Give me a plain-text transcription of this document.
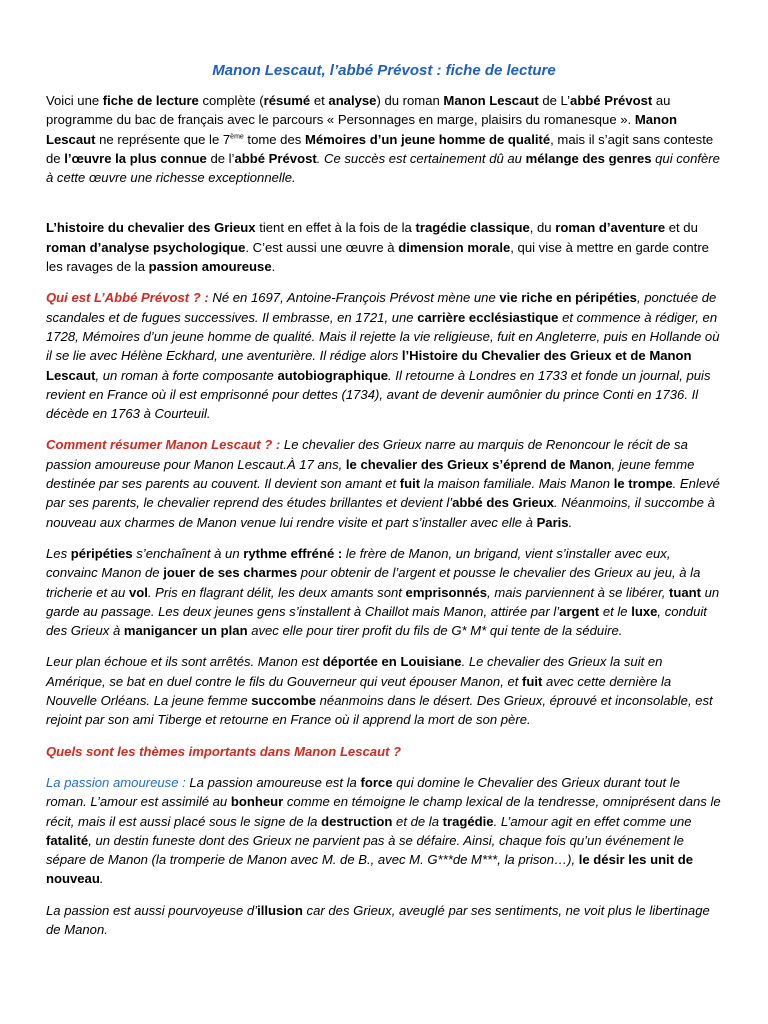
Manon Lescaut, l’abbé Prévost : fiche de lecture

Voici une fiche de lecture complète (résumé et analyse) du roman Manon Lescaut de L’abbé Prévost au programme du bac de français avec le parcours « Personnages en marge, plaisirs du romanesque ». Manon Lescaut ne représente que le 7ème tome des Mémoires d’un jeune homme de qualité, mais il s’agit sans conteste de l’œuvre la plus connue de l’abbé Prévost. Ce succès est certainement dû au mélange des genres qui confère à cette œuvre une richesse exceptionnelle.

L’histoire du chevalier des Grieux tient en effet à la fois de la tragédie classique, du roman d’aventure et du roman d’analyse psychologique. C’est aussi une œuvre à dimension morale, qui vise à mettre en garde contre les ravages de la passion amoureuse.

Qui est L’Abbé Prévost ? : Né en 1697, Antoine-François Prévost mène une vie riche en péripéties, ponctuée de scandales et de fugues successives. Il embrasse, en 1721, une carrière ecclésiastique et commence à rédiger, en 1728, Mémoires d’un jeune homme de qualité. Mais il rejette la vie religieuse, fuit en Angleterre, puis en Hollande où il se lie avec Hélène Eckhard, une aventurière. Il rédige alors l’Histoire du Chevalier des Grieux et de Manon Lescaut, un roman à forte composante autobiographique. Il retourne à Londres en 1733 et fonde un journal, puis revient en France où il est emprisonné pour dettes (1734), avant de devenir aumônier du prince Conti en 1736. Il décède en 1763 à Courteuil.

Comment résumer Manon Lescaut ? : Le chevalier des Grieux narre au marquis de Renoncour le récit de sa passion amoureuse pour Manon Lescaut.À 17 ans, le chevalier des Grieux s’éprend de Manon, jeune femme destinée par ses parents au couvent. Il devient son amant et fuit la maison familiale. Mais Manon le trompe. Enlevé par ses parents, le chevalier reprend des études brillantes et devient l’abbé des Grieux. Néanmoins, il succombe à nouveau aux charmes de Manon venue lui rendre visite et part s’installer avec elle à Paris.

Les péripéties s’enchaînent à un rythme effréné : le frère de Manon, un brigand, vient s’installer avec eux, convainc Manon de jouer de ses charmes pour obtenir de l’argent et pousse le chevalier des Grieux au jeu, à la tricherie et au vol. Pris en flagrant délit, les deux amants sont emprisonnés, mais parviennent à se libérer, tuant un garde au passage. Les deux jeunes gens s’installent à Chaillot mais Manon, attirée par l’argent et le luxe, conduit des Grieux à manigancer un plan avec elle pour tirer profit du fils de G* M* qui tente de la séduire.

Leur plan échoue et ils sont arrêtés. Manon est déportée en Louisiane. Le chevalier des Grieux la suit en Amérique, se bat en duel contre le fils du Gouverneur qui veut épouser Manon, et fuit avec cette dernière la Nouvelle Orléans. La jeune femme succombe néanmoins dans le désert. Des Grieux, éprouvé et inconsolable, est rejoint par son ami Tiberge et retourne en France où il apprend la mort de son père.

Quels sont les thèmes importants dans Manon Lescaut ?

La passion amoureuse : La passion amoureuse est la force qui domine le Chevalier des Grieux durant tout le roman. L’amour est assimilé au bonheur comme en témoigne le champ lexical de la tendresse, omniprésent dans le récit, mais il est aussi placé sous le signe de la destruction et de la tragédie. L’amour agit en effet comme une fatalité, un destin funeste dont des Grieux ne parvient pas à se défaire. Ainsi, chaque fois qu’un événement le sépare de Manon (la tromperie de Manon avec M. de B., avec M. G***de M***, la prison…), le désir les unit de nouveau.

La passion est aussi pourvoyeuse d’illusion car des Grieux, aveuglé par ses sentiments, ne voit plus le libertinage de Manon.
